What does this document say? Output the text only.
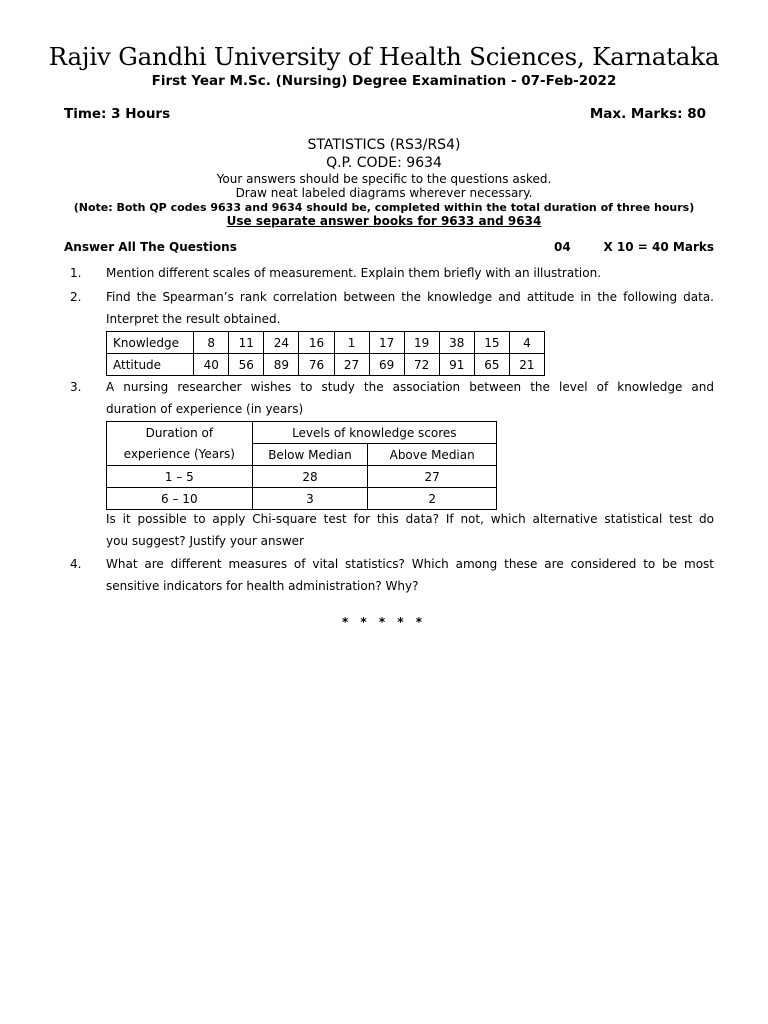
Rajiv Gandhi University of Health Sciences, Karnataka
First Year M.Sc. (Nursing) Degree Examination - 07-Feb-2022
Time: 3 Hours	Max. Marks: 80
STATISTICS (RS3/RS4)
Q.P. CODE: 9634
Your answers should be specific to the questions asked.
Draw neat labeled diagrams wherever necessary.
(Note: Both QP codes 9633 and 9634 should be, completed within the total duration of three hours)
Use separate answer books for 9633 and 9634
Answer All The Questions	04	X 10 = 40 Marks
1. Mention different scales of measurement. Explain them briefly with an illustration.
2. Find the Spearman’s rank correlation between the knowledge and attitude in the following data.
Interpret the result obtained.
Knowledge	8	11	24	16	1	17	19	38	15	4
Attitude	40	56	89	76	27	69	72	91	65	21
3. A nursing researcher wishes to study the association between the level of knowledge and
duration of experience (in years)
Duration of	Levels of knowledge scores	
experience (Years)	Below Median	Above Median
1 – 5	28	27
6 – 10	3	2
Is it possible to apply Chi-square test for this data? If not, which alternative statistical test do
you suggest? Justify your answer
4. What are different measures of vital statistics? Which among these are considered to be most
sensitive indicators for health administration? Why?
* * * * *
